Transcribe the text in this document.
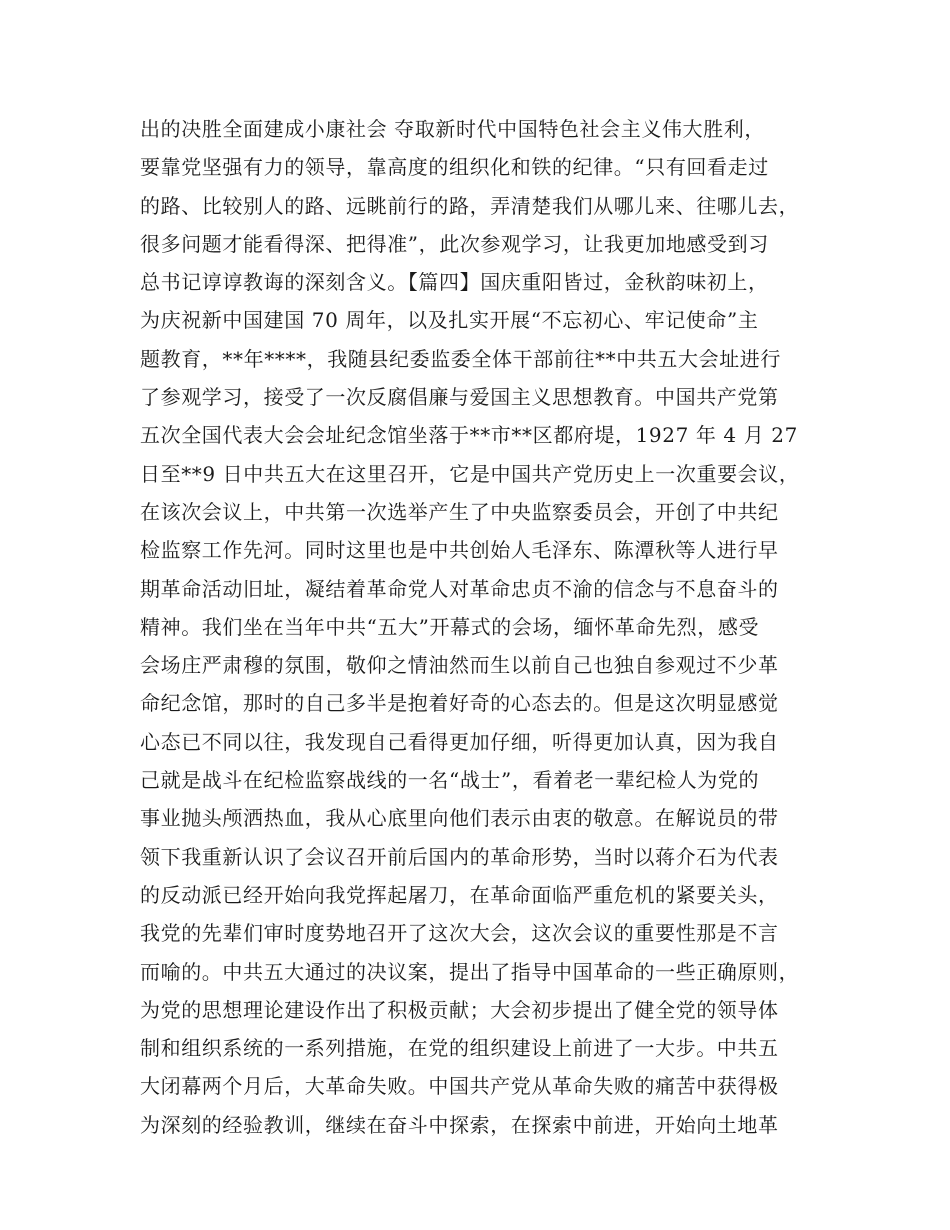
出的决胜全面建成小康社会 夺取新时代中国特色社会主义伟大胜利，
要靠党坚强有力的领导，靠高度的组织化和铁的纪律。“只有回看走过
的路、比较别人的路、远眺前行的路，弄清楚我们从哪儿来、往哪儿去，
很多问题才能看得深、把得准”，此次参观学习，让我更加地感受到习
总书记谆谆教诲的深刻含义。【篇四】国庆重阳皆过，金秋韵味初上，
为庆祝新中国建国 70 周年，以及扎实开展“不忘初心、牢记使命”主
题教育，**年****，我随县纪委监委全体干部前往**中共五大会址进行
了参观学习，接受了一次反腐倡廉与爱国主义思想教育。中国共产党第
五次全国代表大会会址纪念馆坐落于**市**区都府堤，1927 年 4 月 27
日至**9 日中共五大在这里召开，它是中国共产党历史上一次重要会议，
在该次会议上，中共第一次选举产生了中央监察委员会，开创了中共纪
检监察工作先河。同时这里也是中共创始人毛泽东、陈潭秋等人进行早
期革命活动旧址，凝结着革命党人对革命忠贞不渝的信念与不息奋斗的
精神。我们坐在当年中共“五大”开幕式的会场，缅怀革命先烈，感受
会场庄严肃穆的氛围，敬仰之情油然而生以前自己也独自参观过不少革
命纪念馆，那时的自己多半是抱着好奇的心态去的。但是这次明显感觉
心态已不同以往，我发现自己看得更加仔细，听得更加认真，因为我自
己就是战斗在纪检监察战线的一名“战士”，看着老一辈纪检人为党的
事业抛头颅洒热血，我从心底里向他们表示由衷的敬意。在解说员的带
领下我重新认识了会议召开前后国内的革命形势，当时以蒋介石为代表
的反动派已经开始向我党挥起屠刀，在革命面临严重危机的紧要关头，
我党的先辈们审时度势地召开了这次大会，这次会议的重要性那是不言
而喻的。中共五大通过的决议案，提出了指导中国革命的一些正确原则，
为党的思想理论建设作出了积极贡献；大会初步提出了健全党的领导体
制和组织系统的一系列措施，在党的组织建设上前进了一大步。中共五
大闭幕两个月后，大革命失败。中国共产党从革命失败的痛苦中获得极
为深刻的经验教训，继续在奋斗中探索，在探索中前进，开始向土地革
